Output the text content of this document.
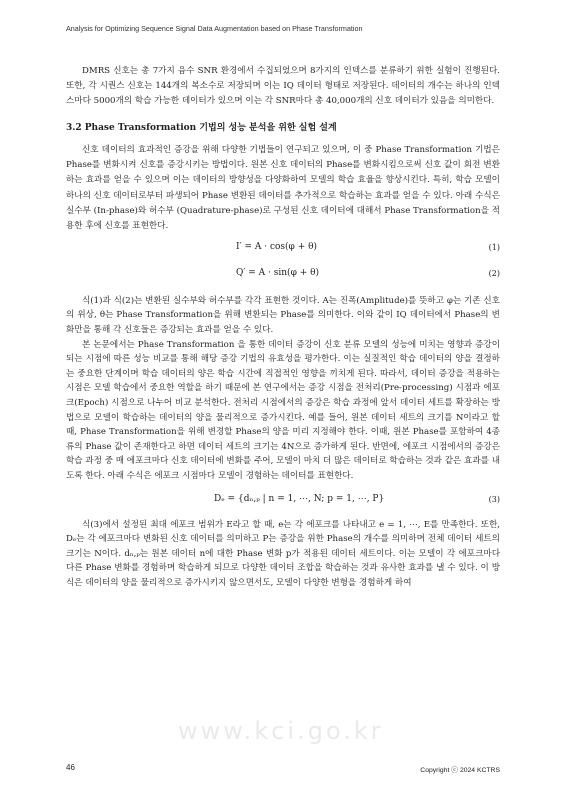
Analysis for Optimizing Sequence Signal Data Augmentation based on Phase Transformation

DMRS 신호는 총 7가지 음수 SNR 환경에서 수집되었으며 8가지의 인덱스를 분류하기 위한 실험이 진행된다. 또한, 각 시퀀스 신호는 144개의 복소수로 저장되며 이는 IQ 데이터 형태로 저장된다. 데이터의 개수는 하나의 인덱스마다 5000개의 학습 가능한 데이터가 있으며 이는 각 SNR마다 총 40,000개의 신호 데이터가 있음을 의미한다.

3.2 Phase Transformation 기법의 성능 분석을 위한 실험 설계

신호 데이터의 효과적인 증강을 위해 다양한 기법들이 연구되고 있으며, 이 중 Phase Transformation 기법은 Phase를 변화시켜 신호를 증강시키는 방법이다. 원본 신호 데이터의 Phase를 변화시킴으로써 신호 값이 회전 변환하는 효과를 얻을 수 있으며 이는 데이터의 방향성을 다양화하여 모델의 학습 효율을 향상시킨다. 특히, 학습 모델이 하나의 신호 데이터로부터 파생되어 Phase 변환된 데이터를 추가적으로 학습하는 효과를 얻을 수 있다. 아래 수식은 실수부 (In-phase)와 허수부 (Quadrature-phase)로 구성된 신호 데이터에 대해서 Phase Transformation을 적용한 후에 신호를 표현한다.

I′ = A · cos(φ + θ)	(1)
Q′ = A · sin(φ + θ)	(2)

식(1)과 식(2)는 변환된 실수부와 허수부를 각각 표현한 것이다. A는 진폭(Amplitude)를 뜻하고 φ는 기존 신호의 위상, θ는 Phase Transformation을 위해 변환되는 Phase를 의미한다. 이와 같이 IQ 데이터에서 Phase의 변화만을 통해 각 신호들은 증강되는 효과를 얻을 수 있다.

본 논문에서는 Phase Transformation 을 통한 데이터 증강이 신호 분류 모델의 성능에 미치는 영향과 증강이 되는 시점에 따른 성능 비교를 통해 해당 증강 기법의 유효성을 평가한다. 이는 실질적인 학습 데이터의 양을 결정하는 중요한 단계이며 학습 데이터의 양은 학습 시간에 직접적인 영향을 끼치게 된다. 따라서, 데이터 증강을 적용하는 시점은 모델 학습에서 중요한 역할을 하기 때문에 본 연구에서는 증강 시점을 전처리(Pre-processing) 시점과 에포크(Epoch) 시점으로 나누어 비교 분석한다. 전처리 시점에서의 증강은 학습 과정에 앞서 데이터 세트를 확장하는 방법으로 모델이 학습하는 데이터의 양을 물리적으로 증가시킨다. 예를 들어, 원본 데이터 세트의 크기를 N이라고 할 때, Phase Transformation을 위해 변경할 Phase의 양을 미리 지정해야 한다. 이때, 원본 Phase를 포함하여 4종류의 Phase 값이 존재한다고 하면 데이터 세트의 크기는 4N으로 증가하게 된다. 반면에, 에포크 시점에서의 증강은 학습 과정 중 매 에포크마다 신호 데이터에 변화를 주어, 모델이 마치 더 많은 데이터로 학습하는 것과 같은 효과를 내도록 한다. 아래 수식은 에포크 시점마다 모델이 경험하는 데이터를 표현한다.

Dₑ = {dₙ,ₚ | n = 1, ⋯, N; p = 1, ⋯, P}	(3)

식(3)에서 설정된 최대 에포크 범위가 E라고 할 때, e는 각 에포크를 나타내고 e = 1, ⋯, E를 만족한다. 또한, Dₑ는 각 에포크마다 변화된 신호 데이터를 의미하고 P는 증강을 위한 Phase의 개수를 의미하며 전체 데이터 세트의 크기는 N이다. dₙ,ₚ는 원본 데이터 n에 대한 Phase 변화 p가 적용된 데이터 세트이다. 이는 모델이 각 에포크마다 다른 Phase 변화를 경험하며 학습하게 되므로 다양한 데이터 조합을 학습하는 것과 유사한 효과를 낼 수 있다. 이 방식은 데이터의 양을 물리적으로 증가시키지 않으면서도, 모델이 다양한 변형을 경험하게 하여

www.kci.go.kr
46	Copyright ⓒ 2024 KCTRS
